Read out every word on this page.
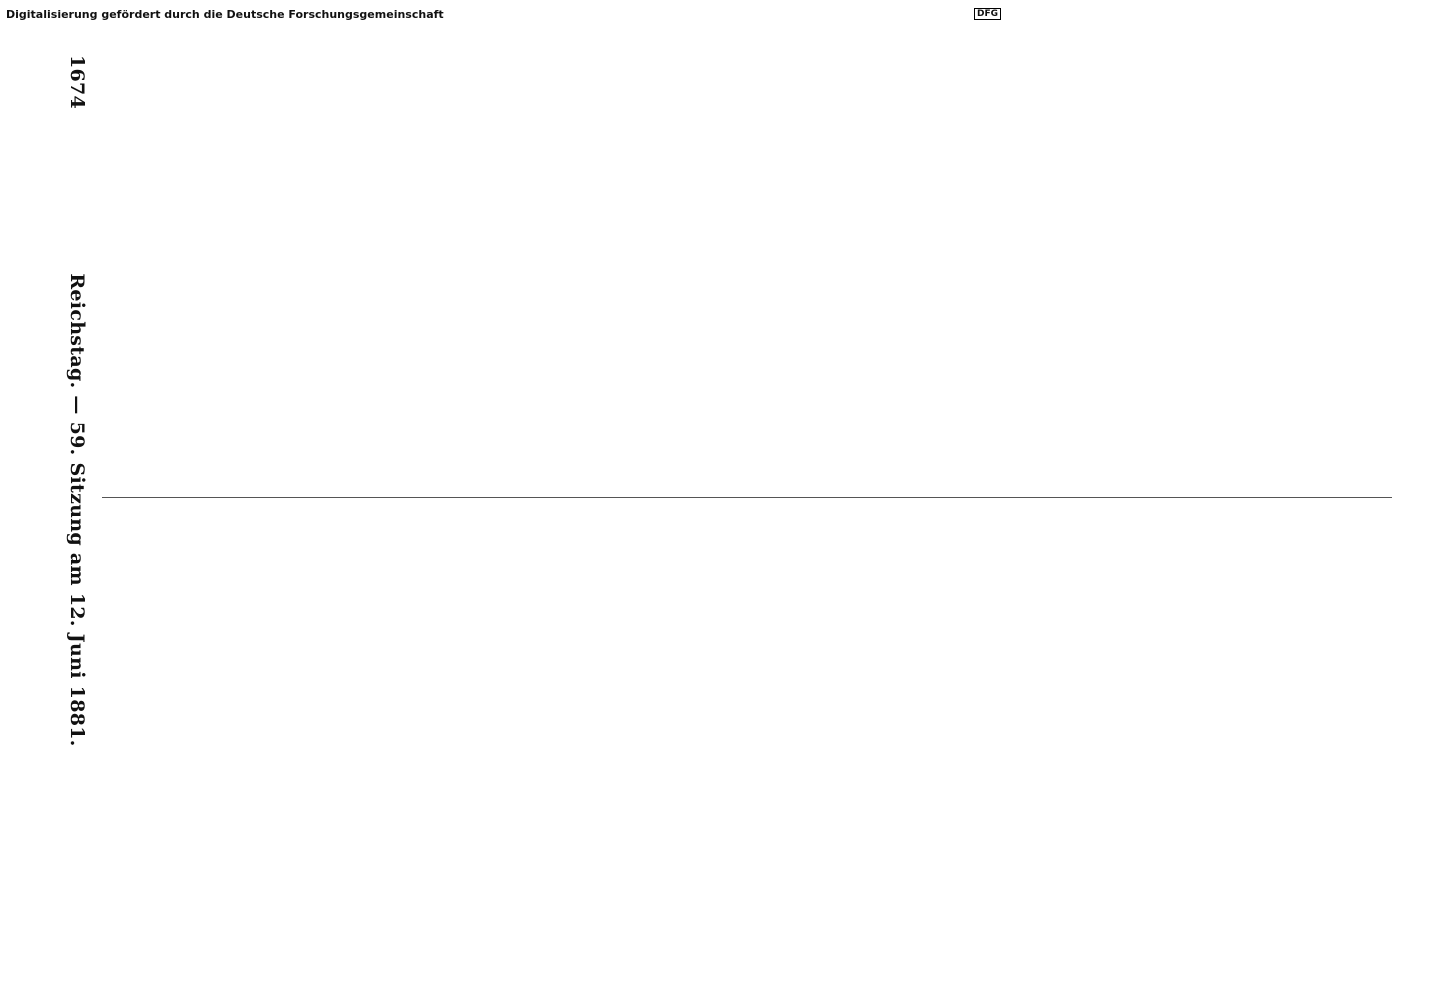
1674
Reichstag. — 59. Sitzung am 12. Juni 1881.

Digitalisierung gefördert durch die Deutsche Forschungsgemeinschaft	DFG
